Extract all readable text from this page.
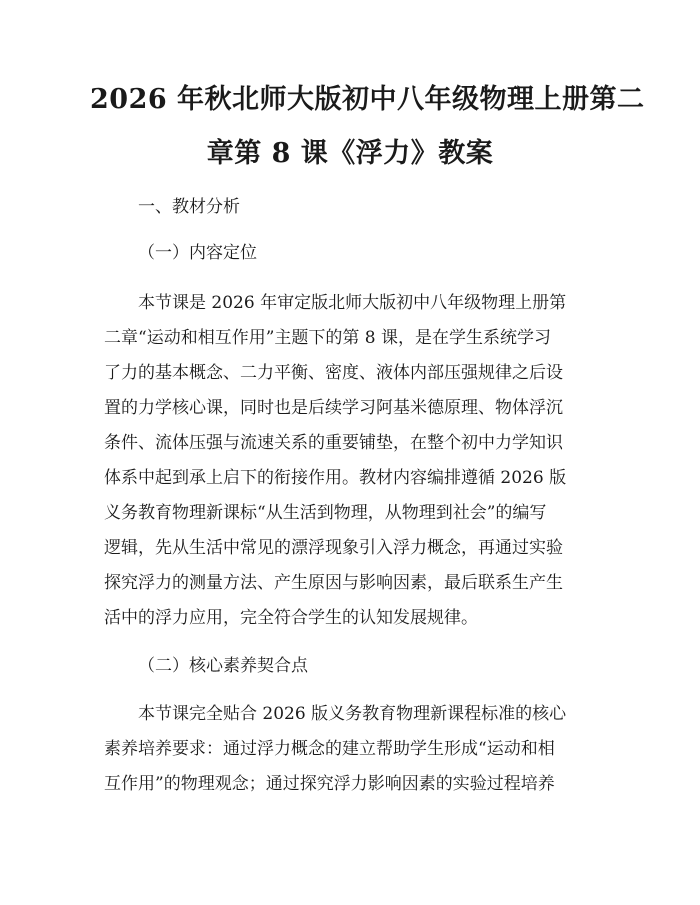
2026 年秋北师大版初中八年级物理上册第二
章第 8 课《浮力》教案
一、教材分析
（一）内容定位
本节课是 2026 年审定版北师大版初中八年级物理上册第
二章“运动和相互作用”主题下的第 8 课，是在学生系统学习
了力的基本概念、二力平衡、密度、液体内部压强规律之后设
置的力学核心课，同时也是后续学习阿基米德原理、物体浮沉
条件、流体压强与流速关系的重要铺垫，在整个初中力学知识
体系中起到承上启下的衔接作用。教材内容编排遵循 2026 版
义务教育物理新课标“从生活到物理，从物理到社会”的编写
逻辑，先从生活中常见的漂浮现象引入浮力概念，再通过实验
探究浮力的测量方法、产生原因与影响因素，最后联系生产生
活中的浮力应用，完全符合学生的认知发展规律。
（二）核心素养契合点
本节课完全贴合 2026 版义务教育物理新课程标准的核心
素养培养要求：通过浮力概念的建立帮助学生形成“运动和相
互作用”的物理观念；通过探究浮力影响因素的实验过程培养
